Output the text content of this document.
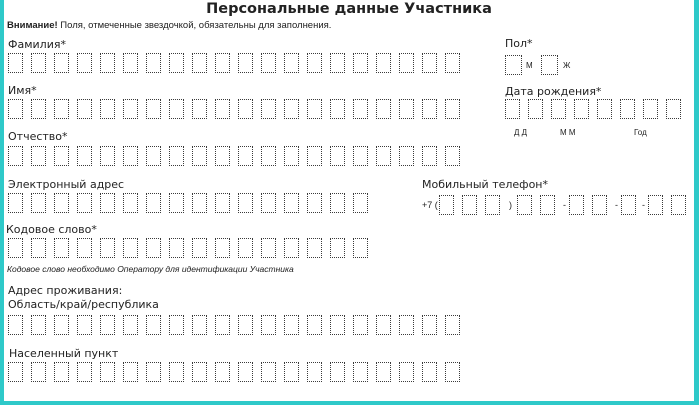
Персональные данные Участника
Внимание! Поля, отмеченные звездочкой, обязательны для заполнения.
Фамилия*	Пол*
М	Ж
Имя*	Дата рождения*
Д Д	М М	Год
Отчество*
Электронный адрес	Мобильный телефон*
+7 (	)	-	-	-
Кодовое слово*
Кодовое слово необходимо Оператору для идентификации Участника
Адрес проживания:
Область/край/республика
Населенный пункт
